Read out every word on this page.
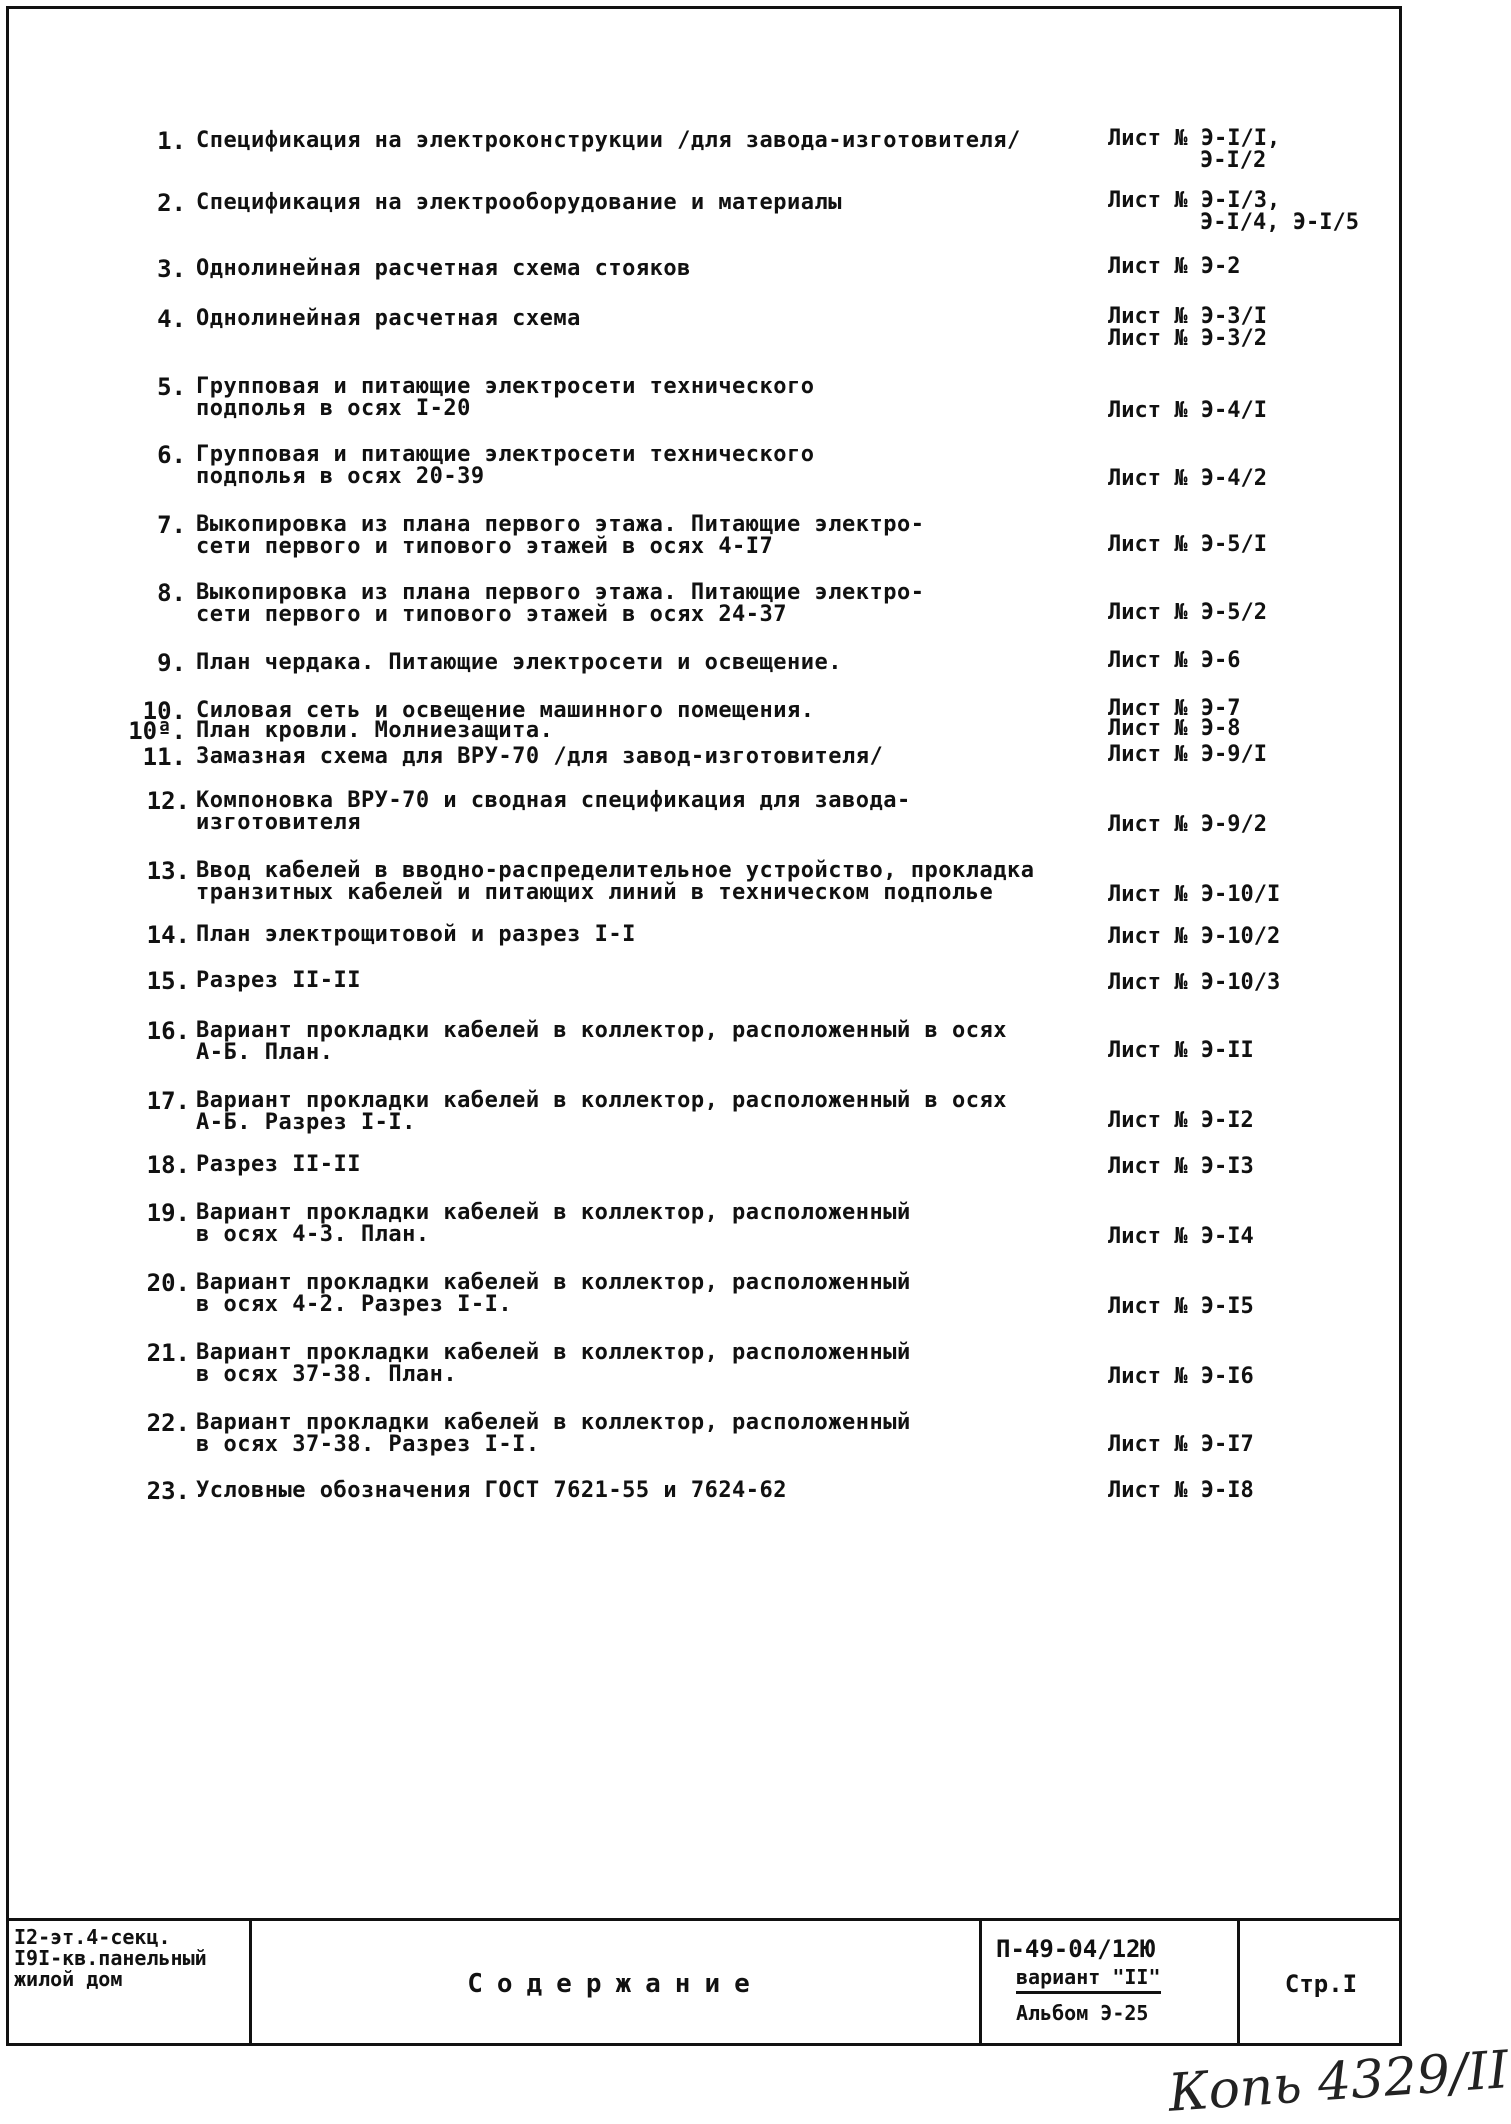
1. Спецификация на электроконструкции /для завода-изготовителя/	Лист № Э-I/I,
Э-I/2
2. Спецификация на электрооборудование и материалы	Лист № Э-I/3,
Э-I/4, Э-I/5
3. Однолинейная расчетная схема стояков	Лист № Э-2
4. Однолинейная расчетная схема	Лист № Э-3/I
Лист № Э-3/2
5. Групповая и питающие электросети технического
подполья в осях I-20	Лист № Э-4/I
6. Групповая и питающие электросети технического
подполья в осях 20-39	Лист № Э-4/2
7. Выкопировка из плана первого этажа. Питающие электро-
сети первого и типового этажей в осях 4-I7	Лист № Э-5/I
8. Выкопировка из плана первого этажа. Питающие электро-
сети первого и типового этажей в осях 24-37	Лист № Э-5/2
9. План чердака. Питающие электросети и освещение.	Лист № Э-6
10. Силовая сеть и освещение машинного помещения.	Лист № Э-7
10ª. План кровли. Молниезащита.	Лист № Э-8
11. Замазная схема для ВРУ-70 /для завод-изготовителя/	Лист № Э-9/I
12. Компоновка ВРУ-70 и сводная спецификация для завода-
изготовителя	Лист № Э-9/2
13. Ввод кабелей в вводно-распределительное устройство, прокладка
транзитных кабелей и питающих линий в техническом подполье	Лист № Э-10/I
14. План электрощитовой и разрез I-I	Лист № Э-10/2
15. Разрез II-II	Лист № Э-10/3
16. Вариант прокладки кабелей в коллектор, расположенный в осях
А-Б. План.	Лист № Э-II
17. Вариант прокладки кабелей в коллектор, расположенный в осях
А-Б. Разрез I-I.	Лист № Э-I2
18. Разрез II-II	Лист № Э-I3
19. Вариант прокладки кабелей в коллектор, расположенный
в осях 4-3. План.	Лист № Э-I4
20. Вариант прокладки кабелей в коллектор, расположенный
в осях 4-2. Разрез I-I.	Лист № Э-I5
21. Вариант прокладки кабелей в коллектор, расположенный
в осях 37-38. План.	Лист № Э-I6
22. Вариант прокладки кабелей в коллектор, расположенный
в осях 37-38. Разрез I-I.	Лист № Э-I7
23. Условные обозначения ГОСТ 7621-55 и 7624-62	Лист № Э-I8
I2-эт.4-секц.
I9I-кв.панельный
жилой дом	Содержание
П-49-04/12Ю
вариант "II"
Альбом Э-25
Стр.I
Копь 4329/ІІ
